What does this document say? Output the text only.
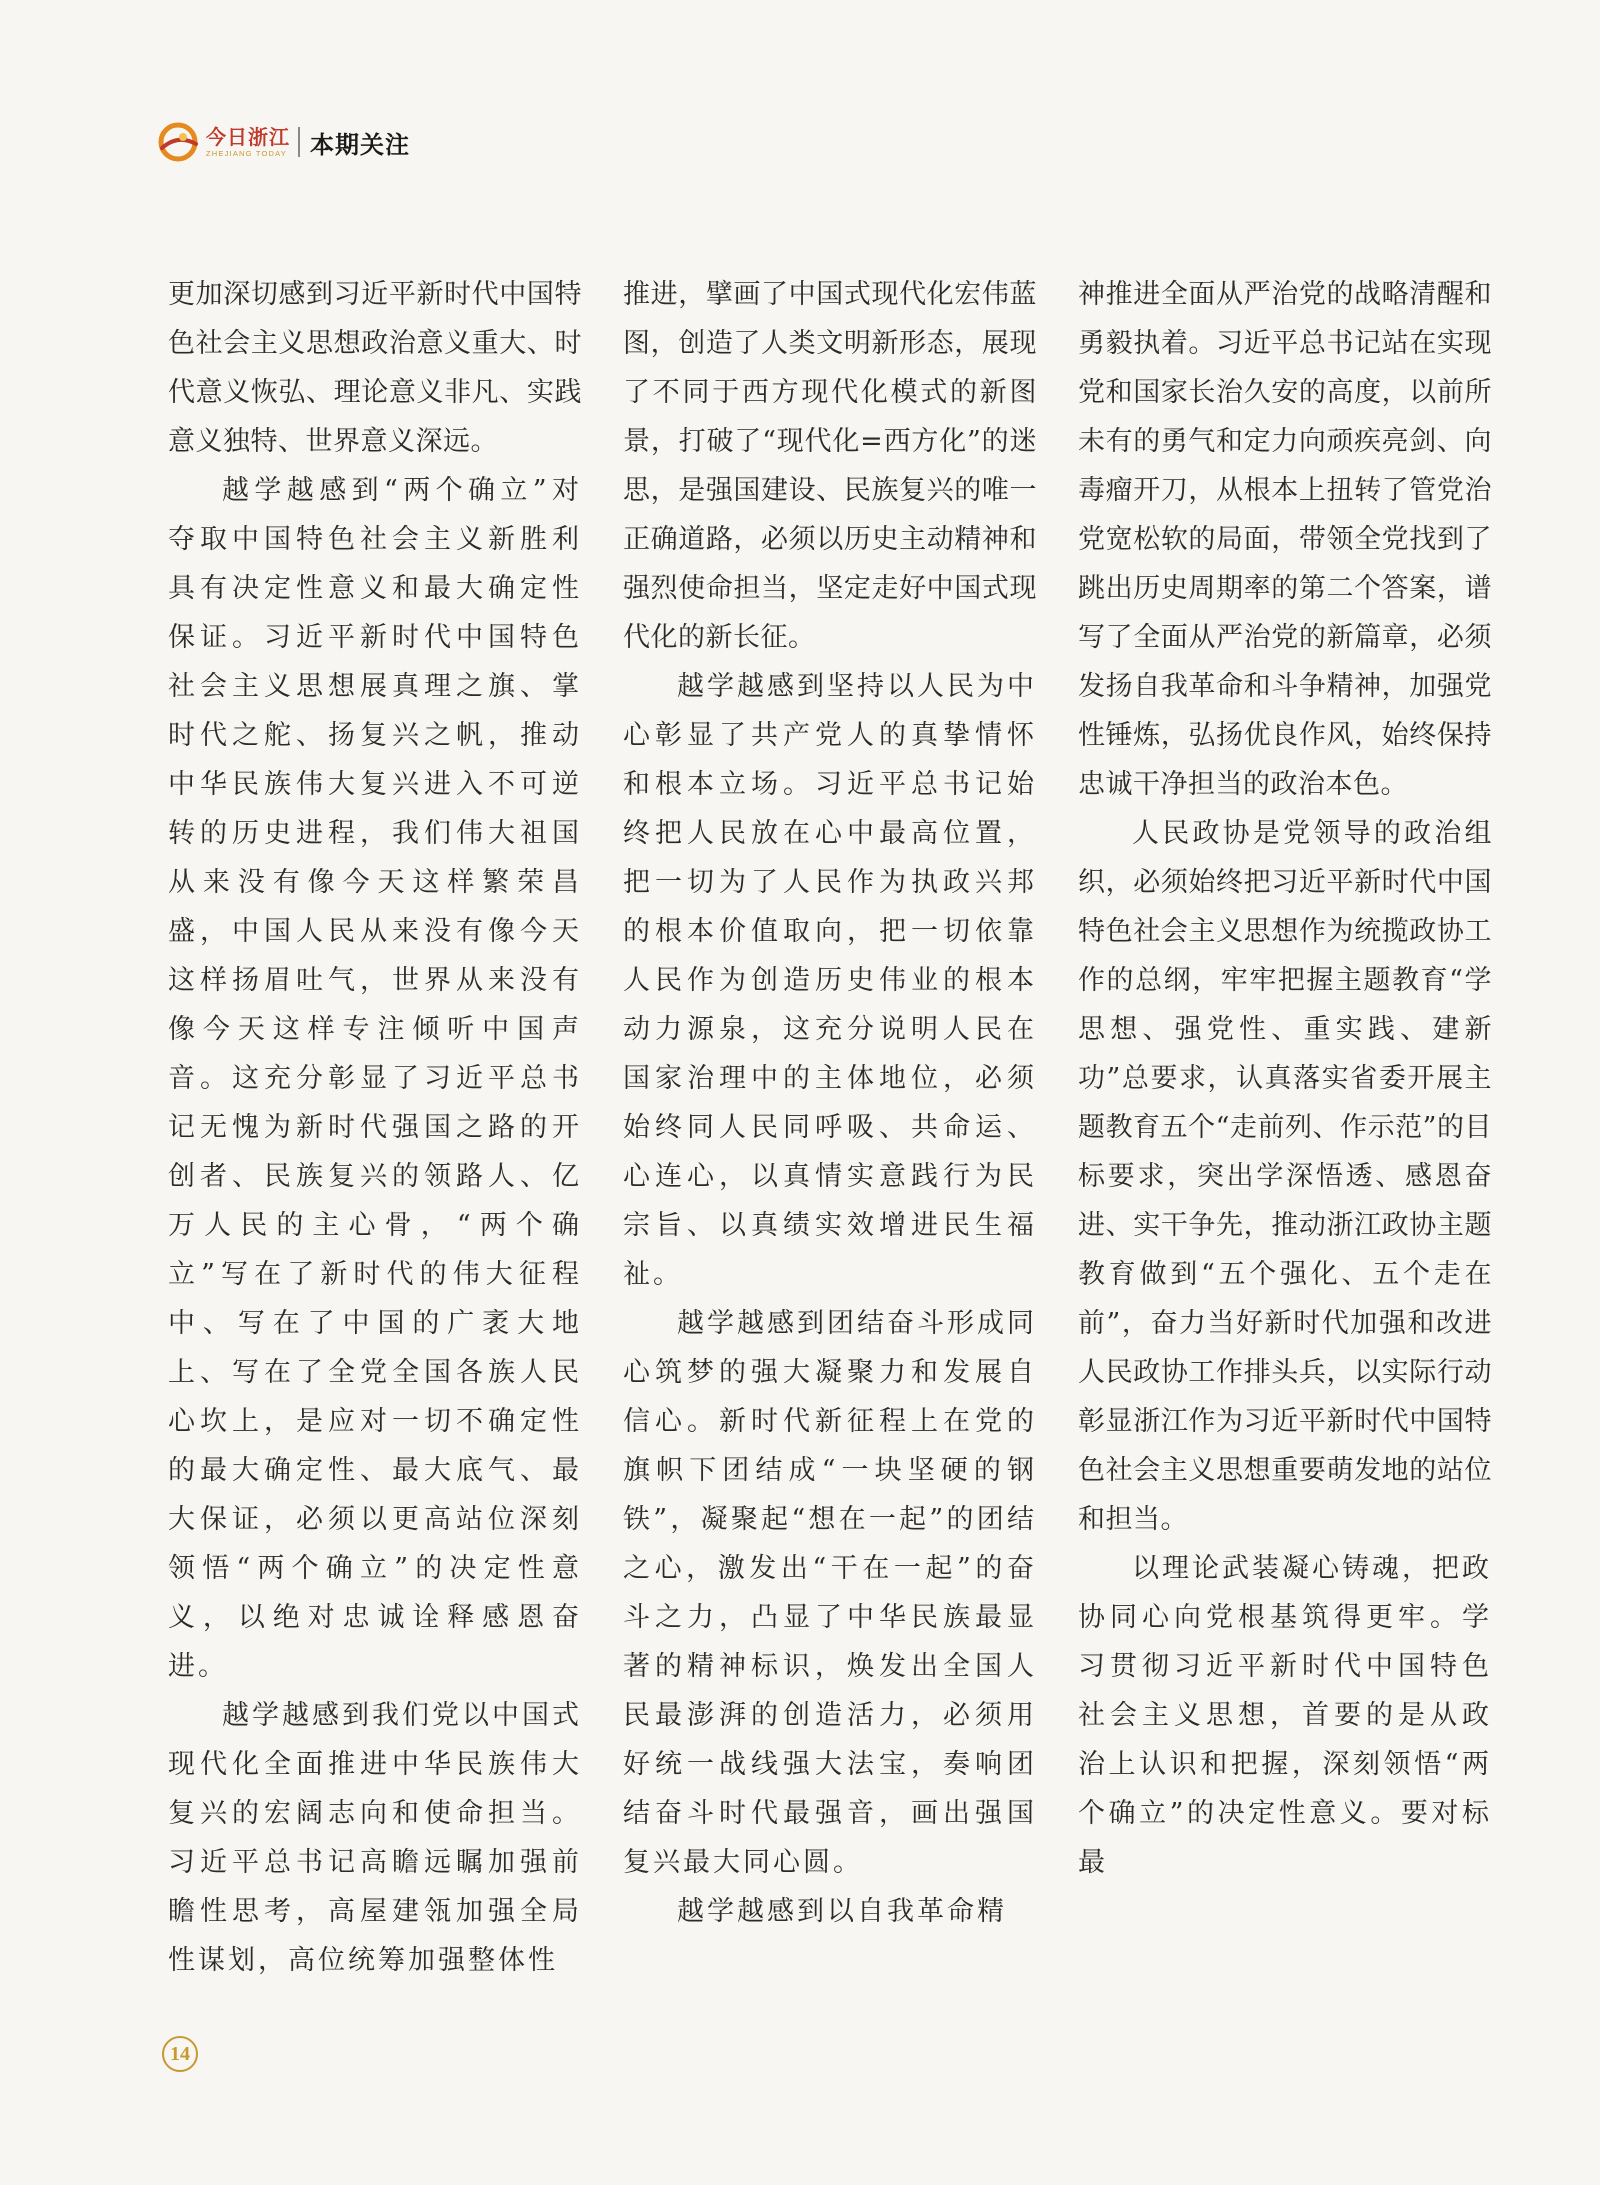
今日浙江
ZHEJIANG TODAY 本期关注

更加深切感到习近平新时代中国特色社会主义思想政治意义重大、时代意义恢弘、理论意义非凡、实践意义独特、世界意义深远。

越学越感到“两个确立”对夺取中国特色社会主义新胜利具有决定性意义和最大确定性保证。习近平新时代中国特色社会主义思想展真理之旗、掌时代之舵、扬复兴之帆，推动中华民族伟大复兴进入不可逆转的历史进程，我们伟大祖国从来没有像今天这样繁荣昌盛，中国人民从来没有像今天这样扬眉吐气，世界从来没有像今天这样专注倾听中国声音。这充分彰显了习近平总书记无愧为新时代强国之路的开创者、民族复兴的领路人、亿万人民的主心骨，“两个确立”写在了新时代的伟大征程中、写在了中国的广袤大地上、写在了全党全国各族人民心坎上，是应对一切不确定性的最大确定性、最大底气、最大保证，必须以更高站位深刻领悟“两个确立”的决定性意义，以绝对忠诚诠释感恩奋进。

越学越感到我们党以中国式现代化全面推进中华民族伟大复兴的宏阔志向和使命担当。习近平总书记高瞻远瞩加强前瞻性思考，高屋建瓴加强全局性谋划，高位统筹加强整体性

推进，擘画了中国式现代化宏伟蓝图，创造了人类文明新形态，展现了不同于西方现代化模式的新图景，打破了“现代化=西方化”的迷思，是强国建设、民族复兴的唯一正确道路，必须以历史主动精神和强烈使命担当，坚定走好中国式现代化的新长征。

越学越感到坚持以人民为中心彰显了共产党人的真挚情怀和根本立场。习近平总书记始终把人民放在心中最高位置，把一切为了人民作为执政兴邦的根本价值取向，把一切依靠人民作为创造历史伟业的根本动力源泉，这充分说明人民在国家治理中的主体地位，必须始终同人民同呼吸、共命运、心连心，以真情实意践行为民宗旨、以真绩实效增进民生福祉。

越学越感到团结奋斗形成同心筑梦的强大凝聚力和发展自信心。新时代新征程上在党的旗帜下团结成“一块坚硬的钢铁”，凝聚起“想在一起”的团结之心，激发出“干在一起”的奋斗之力，凸显了中华民族最显著的精神标识，焕发出全国人民最澎湃的创造活力，必须用好统一战线强大法宝，奏响团结奋斗时代最强音，画出强国复兴最大同心圆。

越学越感到以自我革命精

神推进全面从严治党的战略清醒和勇毅执着。习近平总书记站在实现党和国家长治久安的高度，以前所未有的勇气和定力向顽疾亮剑、向毒瘤开刀，从根本上扭转了管党治党宽松软的局面，带领全党找到了跳出历史周期率的第二个答案，谱写了全面从严治党的新篇章，必须发扬自我革命和斗争精神，加强党性锤炼，弘扬优良作风，始终保持忠诚干净担当的政治本色。

人民政协是党领导的政治组织，必须始终把习近平新时代中国特色社会主义思想作为统揽政协工作的总纲，牢牢把握主题教育“学思想、强党性、重实践、建新功”总要求，认真落实省委开展主题教育五个“走前列、作示范”的目标要求，突出学深悟透、感恩奋进、实干争先，推动浙江政协主题教育做到“五个强化、五个走在前”，奋力当好新时代加强和改进人民政协工作排头兵，以实际行动彰显浙江作为习近平新时代中国特色社会主义思想重要萌发地的站位和担当。

以理论武装凝心铸魂，把政协同心向党根基筑得更牢。学习贯彻习近平新时代中国特色社会主义思想，首要的是从政治上认识和把握，深刻领悟“两个确立”的决定性意义。要对标最

14
